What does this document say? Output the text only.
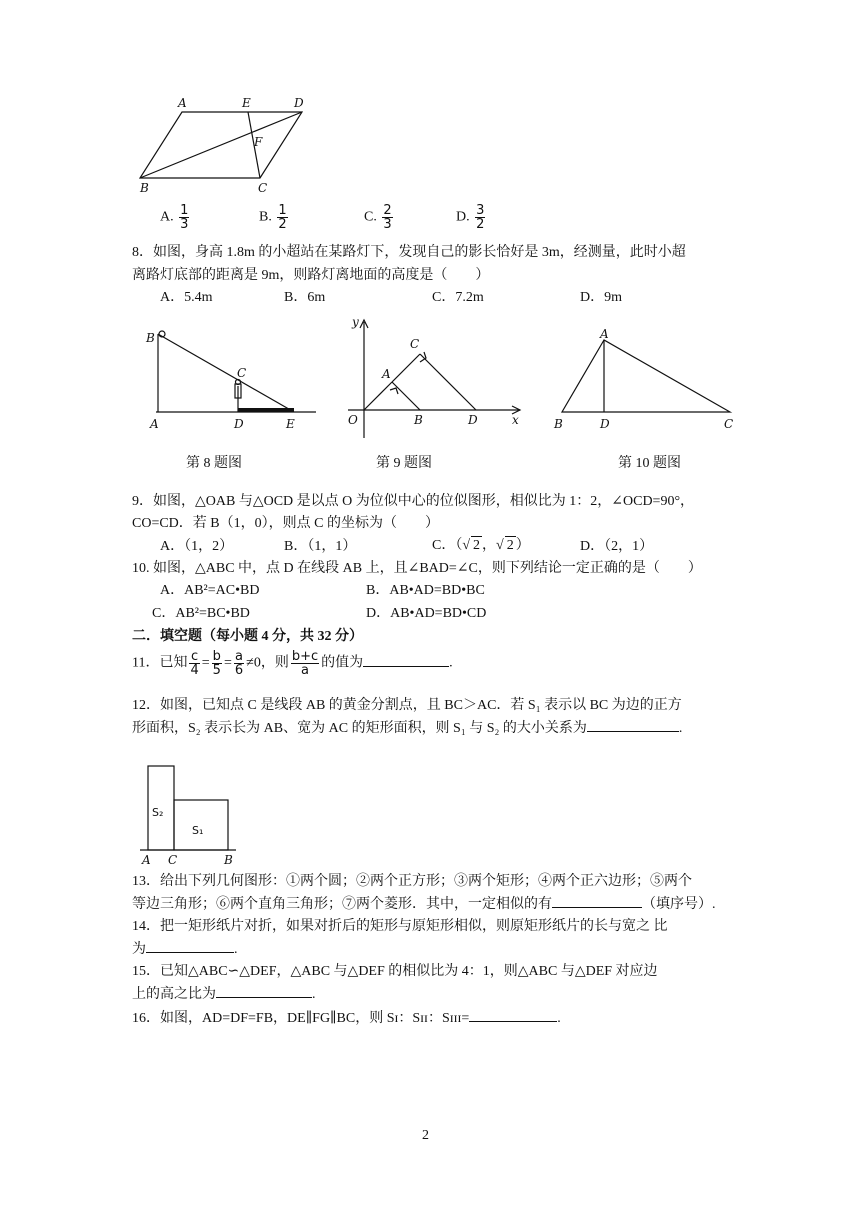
A	E	D
F
B	C
A. $\frac{1}{3}$	B. $\frac{1}{2}$	C. $\frac{2}{3}$	D. $\frac{3}{2}$
8．如图，身高 1.8m 的小超站在某路灯下，发现自己的影长恰好是 3m，经测量，此时小超
离路灯底部的距离是 9m，则路灯离地面的高度是（　　）
A．5.4m	B．6m	C．7.2m	D．9m
B
C
A	D	E
y
x
O
A
B
C
D
A
B	D	C
第 8 题图	第 9 题图	第 10 题图
9．如图，△OAB 与△OCD 是以点 O 为位似中心的位似图形，相似比为 1：2，∠OCD=90°，
CO=CD．若 B（1，0），则点 C 的坐标为（　　）
A．（1，2）	B．（1，1）	C．（√ 2 ，√ 2 ）	D．（2，1）
10. 如图，△ABC 中，点 D 在线段 AB 上，且∠BAD=∠C，则下列结论一定正确的是（　　）
A．AB²=AC•BD	B．AB•AD=BD•BC
C．AB²=BC•BD	D．AB•AD=BD•CD
二．填空题（每小题 4 分，共 32 分）
11．已知 $\frac{c}{4} = \frac{b}{5} = \frac{a}{6} \ne 0$，则 $\frac{b+c}{a}$ 的值为	.
12．如图，已知点 C 是线段 AB 的黄金分割点，且 BC＞AC．若 S₁ 表示以 BC 为边的正方
形面积，S₂ 表示长为 AB、宽为 AC 的矩形面积，则 S₁ 与 S₂ 的大小关系为	.
S₂
S₁
A C	B
13．给出下列几何图形：①两个圆；②两个正方形；③两个矩形；④两个正六边形；⑤两个
等边三角形；⑥两个直角三角形；⑦两个菱形．其中，一定相似的有	（填序号）.
14．把一矩形纸片对折，如果对折后的矩形与原矩形相似，则原矩形纸片的长与宽之 比
为	.
15．已知△ABC∽△DEF，△ABC 与△DEF 的相似比为 4：1，则△ABC 与△DEF 对应边
上的高之比为	.
16．如图，AD=DF=FB，DE∥FG∥BC，则 Sɪ：Sɪɪ：Sɪɪɪ=	.
2
